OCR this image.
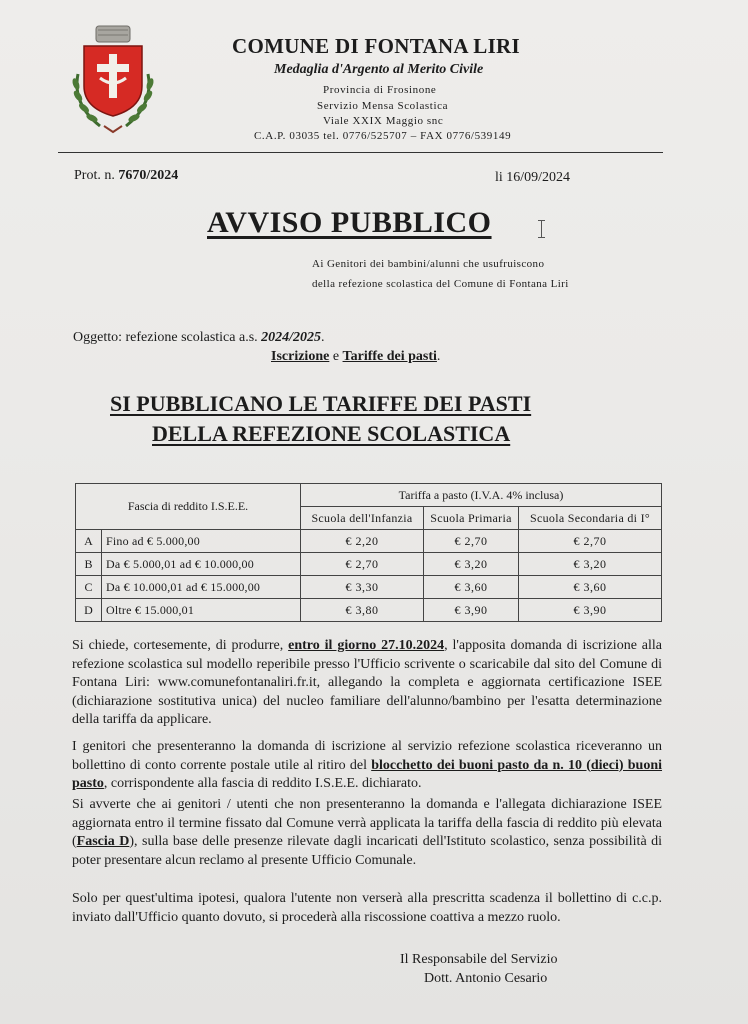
COMUNE DI FONTANA LIRI
Medaglia d'Argento al Merito Civile
Provincia di Frosinone
Servizio Mensa Scolastica
Viale XXIX Maggio snc
C.A.P. 03035 tel. 0776/525707 – FAX 0776/539149
Prot. n. 7670/2024	li 16/09/2024
AVVISO PUBBLICO
Ai Genitori dei bambini/alunni che usufruiscono
della refezione scolastica del Comune di Fontana Liri
Oggetto: refezione scolastica a.s. 2024/2025.
Iscrizione e Tariffe dei pasti.
SI PUBBLICANO LE TARIFFE DEI PASTI
DELLA REFEZIONE SCOLASTICA
Fascia di reddito I.S.E.E.		Tariffa a pasto (I.V.A. 4% inclusa)		
		Scuola dell'Infanzia	Scuola Primaria	Scuola Secondaria di I°
A	Fino ad € 5.000,00	€ 2,20	€ 2,70	€ 2,70
B	Da € 5.000,01 ad € 10.000,00	€ 2,70	€ 3,20	€ 3,20
C	Da € 10.000,01 ad € 15.000,00	€ 3,30	€ 3,60	€ 3,60
D	Oltre € 15.000,01	€ 3,80	€ 3,90	€ 3,90
Si chiede, cortesemente, di produrre, entro il giorno 27.10.2024, l'apposita domanda di iscrizione alla refezione scolastica sul modello reperibile presso l'Ufficio scrivente o scaricabile dal sito del Comune di Fontana Liri: www.comunefontanaliri.fr.it, allegando la completa e aggiornata certificazione ISEE (dichiarazione sostitutiva unica) del nucleo familiare dell'alunno/bambino per l'esatta determinazione della tariffa da applicare.
I genitori che presenteranno la domanda di iscrizione al servizio refezione scolastica riceveranno un bollettino di conto corrente postale utile al ritiro del blocchetto dei buoni pasto da n. 10 (dieci) buoni pasto, corrispondente alla fascia di reddito I.S.E.E. dichiarato.
Si avverte che ai genitori / utenti che non presenteranno la domanda e l'allegata dichiarazione ISEE aggiornata entro il termine fissato dal Comune verrà applicata la tariffa della fascia di reddito più elevata (Fascia D), sulla base delle presenze rilevate dagli incaricati dell'Istituto scolastico, senza possibilità di poter presentare alcun reclamo al presente Ufficio Comunale.
Solo per quest'ultima ipotesi, qualora l'utente non verserà alla prescritta scadenza il bollettino di c.c.p. inviato dall'Ufficio quanto dovuto, si procederà alla riscossione coattiva a mezzo ruolo.
Il Responsabile del Servizio
Dott. Antonio Cesario
